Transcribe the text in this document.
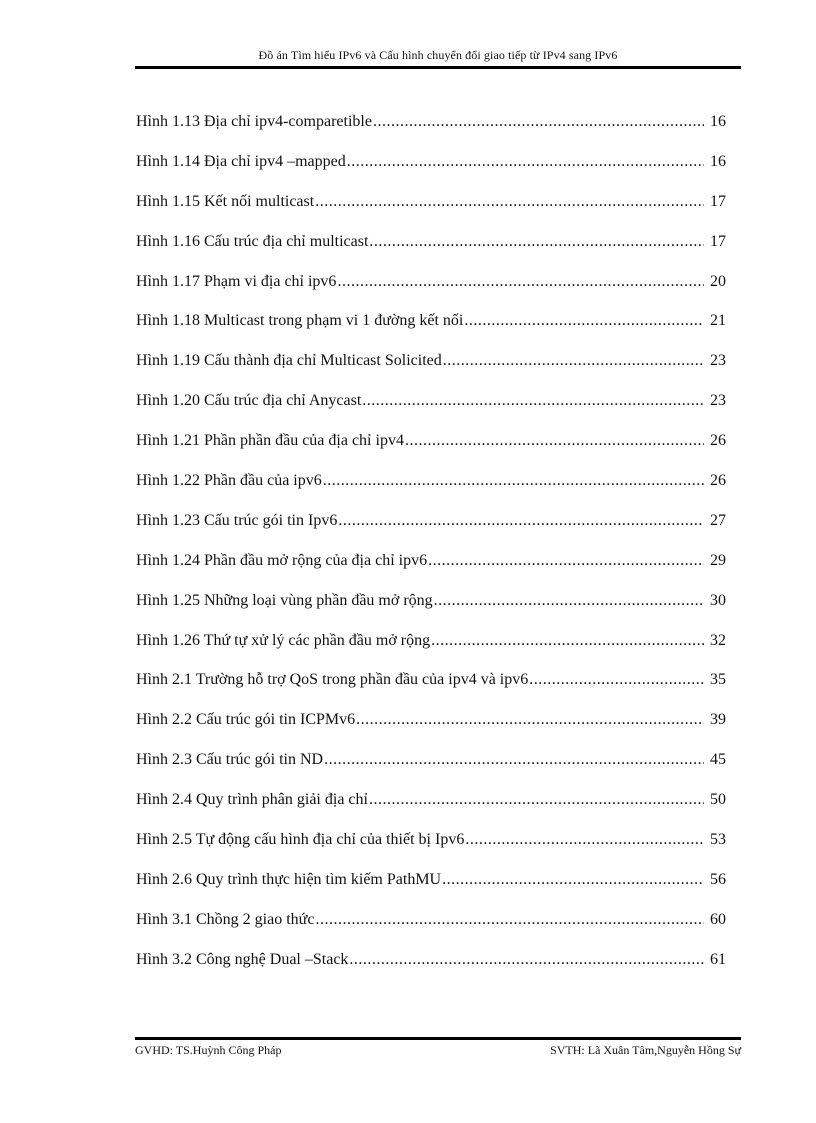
Đồ án Tìm hiểu IPv6 và Cấu hình chuyển đổi giao tiếp từ IPv4 sang IPv6
Hình 1.13 Địa chỉ ipv4-comparetible .....	16
Hình 1.14 Địa chỉ ipv4 –mapped .....	16
Hình 1.15 Kết nối multicast .....	17
Hình 1.16 Cấu trúc địa chỉ multicast .....	17
Hình 1.17 Phạm vi địa chỉ ipv6 .....	20
Hình 1.18 Multicast trong phạm vi 1 đường kết nối .....	21
Hình 1.19 Cấu thành địa chỉ Multicast Solicited .....	23
Hình 1.20 Cấu trúc địa chỉ Anycast .....	23
Hình 1.21 Phần phần đầu của địa chỉ ipv4 .....	26
Hình 1.22 Phần đầu của ipv6 .....	26
Hình 1.23 Cấu trúc gói tin Ipv6 .....	27
Hình 1.24 Phần đầu mở rộng của địa chỉ ipv6 .....	29
Hình 1.25 Những loại vùng phần đầu mở rộng .....	30
Hình 1.26 Thứ tự xử lý các phần đầu mở rộng .....	32
Hình 2.1 Trường hỗ trợ QoS trong phần đầu của ipv4 và ipv6 .....	35
Hình 2.2 Cấu trúc gói tin ICPMv6 .....	39
Hình 2.3 Cấu trúc gói tin ND .....	45
Hình 2.4 Quy trình phân giải địa chỉ .....	50
Hình 2.5 Tự động cấu hình địa chỉ của thiết bị Ipv6 .....	53
Hình 2.6 Quy trình thực hiện tìm kiếm PathMU .....	56
Hình 3.1 Chồng 2 giao thức .....	60
Hình 3.2 Công nghệ Dual –Stack .....	61
GVHD: TS.Huỳnh Công Pháp	SVTH: Lã Xuân Tâm,Nguyễn Hồng Sự
